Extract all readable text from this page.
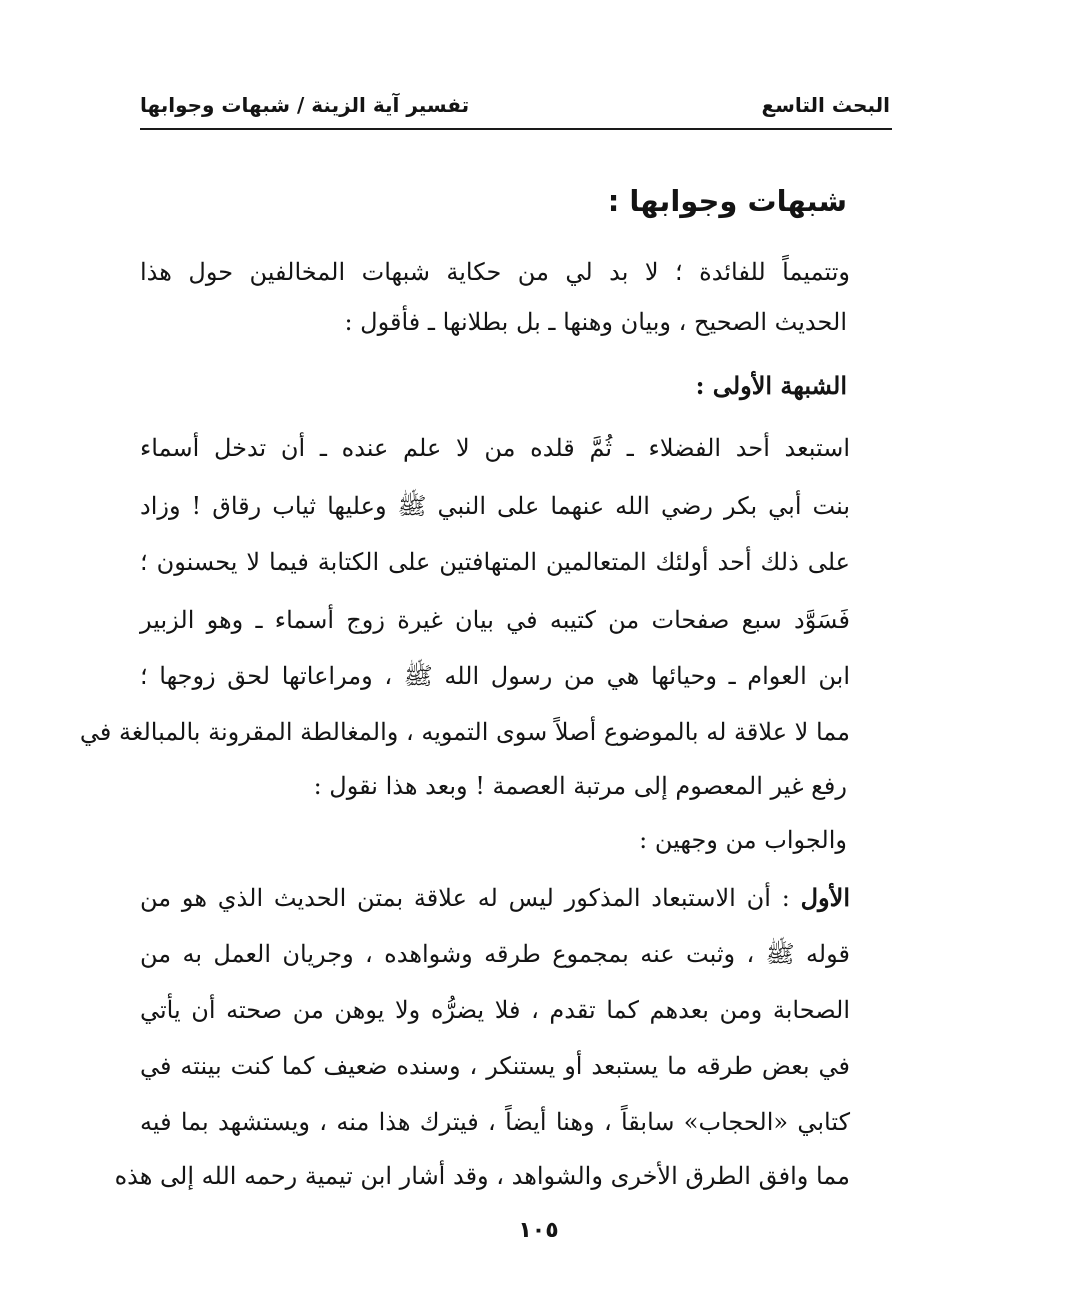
البحث التاسع
تفسير آية الزينة / شبهات وجوابها
شبهات وجوابها :
وتتميماً للفائدة ؛ لا بد لي من حكاية شبهات المخالفين حول هذا
الحديث الصحيح ، وبيان وهنها ـ بل بطلانها ـ فأقول :
الشبهة الأولى :
استبعد أحد الفضلاء ـ ثُمَّ قلده من لا علم عنده ـ أن تدخل أسماء
بنت أبي بكر رضي الله عنهما على النبي ﷺ وعليها ثياب رقاق ! وزاد
على ذلك أحد أولئك المتعالمين المتهافتين على الكتابة فيما لا يحسنون ؛
فَسَوَّد سبع صفحات من كتيبه في بيان غيرة زوج أسماء ـ وهو الزبير
ابن العوام ـ وحيائها هي من رسول الله ﷺ ، ومراعاتها لحق زوجها ؛
مما لا علاقة له بالموضوع أصلاً سوى التمويه ، والمغالطة المقرونة بالمبالغة في
رفع غير المعصوم إلى مرتبة العصمة ! وبعد هذا نقول :
والجواب من وجهين :
الأول : أن الاستبعاد المذكور ليس له علاقة بمتن الحديث الذي هو من
قوله ﷺ ، وثبت عنه بمجموع طرقه وشواهده ، وجريان العمل به من
الصحابة ومن بعدهم كما تقدم ، فلا يضرُّه ولا يوهن من صحته أن يأتي
في بعض طرقه ما يستبعد أو يستنكر ، وسنده ضعيف كما كنت بينته في
كتابي «الحجاب» سابقاً ، وهنا أيضاً ، فيترك هذا منه ، ويستشهد بما فيه
مما وافق الطرق الأخرى والشواهد ، وقد أشار ابن تيمية رحمه الله إلى هذه
١٠٥
